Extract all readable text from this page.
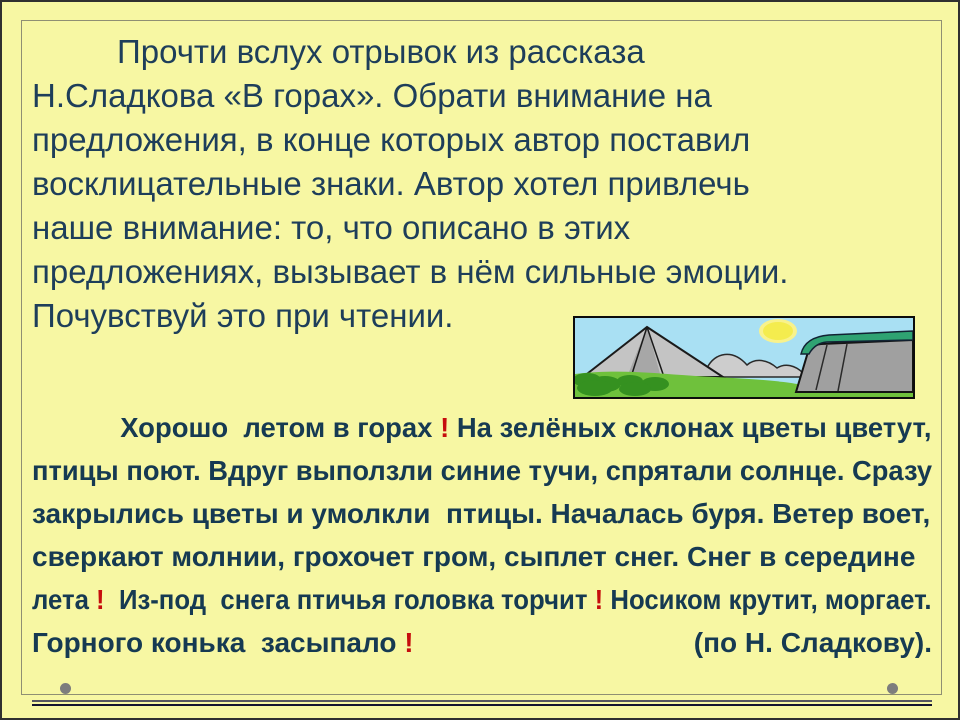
Прочти вслух отрывок из рассказа
Н.Сладкова «В горах». Обрати внимание на
предложения, в конце которых автор поставил
восклицательные знаки. Автор хотел привлечь
наше внимание: то, что описано в этих
предложениях, вызывает в нём сильные эмоции.
Почувствуй это при чтении.
Хорошо  летом в горах ! На зелёных склонах цветы цветут,
птицы поют. Вдруг выползли синие тучи, спрятали солнце. Сразу
закрылись цветы и умолкли  птицы. Началась буря. Ветер воет,
сверкают молнии, грохочет гром, сыплет снег. Снег в середине
лета !  Из-под  снега птичья головка торчит ! Носиком крутит, моргает.
Горного конька  засыпало !	(по Н. Сладкову).
